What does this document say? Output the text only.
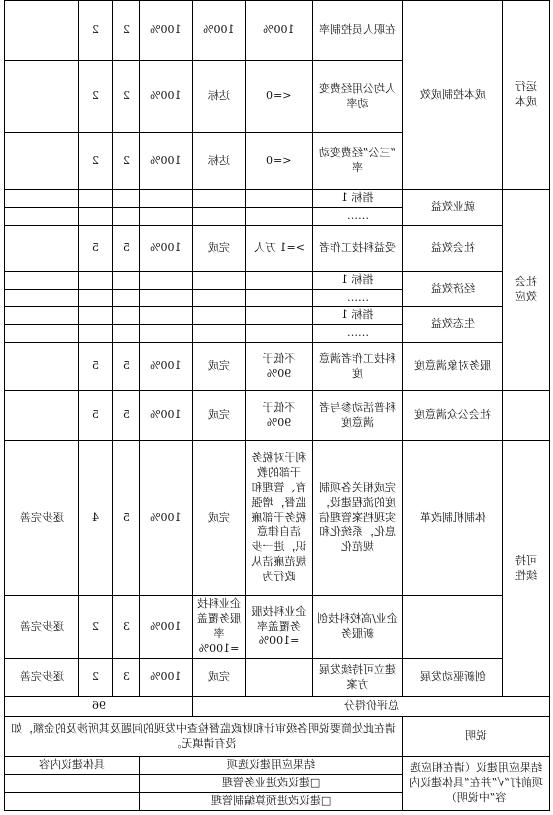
	2	2	100%	100%	100%	在职人员控制率	成本控制成效	运行成本
	2	2	100%	达标	<=0	人均公用经费变动率		
	2	2	100%	达标	<=0	“三公”经费变动率		
						指标 1	就业效益	社会效应
						……		
	5	5	100%	完成	>=1 万人	受益科技工作者	社会效益	
						指标 1	经济效益	
						……		
						指标 1	生态效益	
						……		
	5	5	100%	完成	不低于 90%	科技工作者满意度	服务对象满意度	
	5	5	100%	完成	不低于 90%	科普活动参与者满意度	社会公众满意度	
逐步完善	4	5	100%	完成	利于对税务干部的教育、管理和监督，增强税务干部廉洁自律意识，进一步规范廉洁从政行为	完成相关各项制度的流程建设，实现档案管理信息化，系统化和规范化	体制机制改革	可持续性
逐步完善	2	3	100%	企业科技服务覆盖率=100%	企业科技服务覆盖率=100%	企业/高校科技创新服务		
逐步完善	2	3	100%	完成		建立可持续发展方案	创新驱动发展	
96				总评价得分				
请在此处简要说明各级审计和财政监督检查中发现的问题及其所涉及的金额，如没有请填无。							说明	
具体建议内容			结果应用建议选项				结果应用建议（请在相应选项前打“√”并在“具体建议内容”中说明）	
			□建议改进业务管理					
			□建议改进预算编制管理					
